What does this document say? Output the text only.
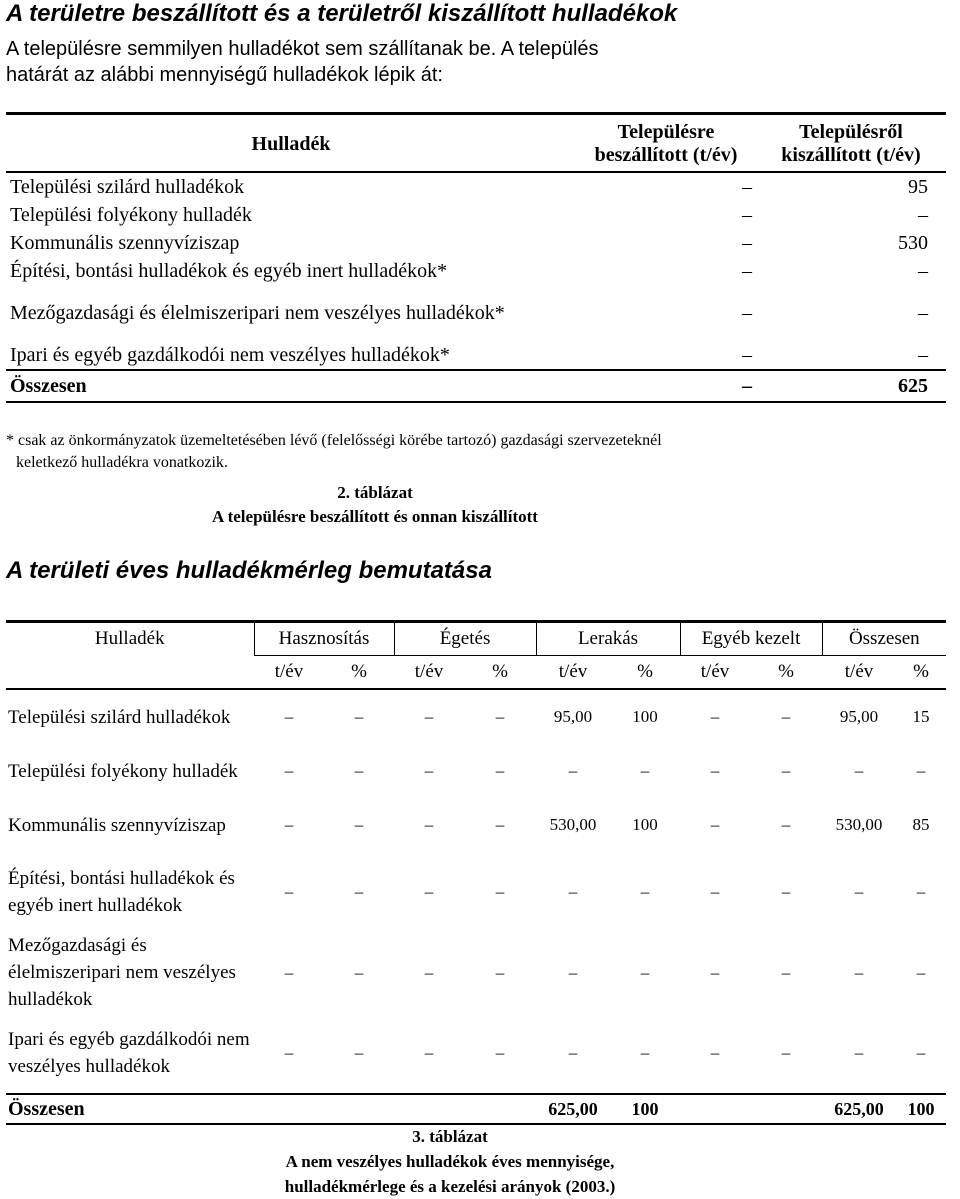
A területre beszállított és a területről kiszállított hulladékok

A településre semmilyen hulladékot sem szállítanak be. A település határát az alábbi mennyiségű hulladékok lépik át:

Hulladék	Településre beszállított (t/év)	Településről kiszállított (t/év)
Települési szilárd hulladékok	–	95
Települési folyékony hulladék	–	–
Kommunális szennyvíziszap	–	530
Építési, bontási hulladékok és egyéb inert hulladékok*	–	–
Mezőgazdasági és élelmiszeripari nem veszélyes hulladékok*	–	–
Ipari és egyéb gazdálkodói nem veszélyes hulladékok*	–	–
Összesen	–	625
* csak az önkormányzatok üzemeltetésében lévő (felelősségi körébe tartozó) gazdasági szervezeteknél
keletkező hulladékra vonatkozik.
2. táblázat
A településre beszállított és onnan kiszállított
A területi éves hulladékmérleg bemutatása
Hulladék	Hasznosítás		Égetés		Lerakás		Egyéb kezelt		Összesen	
	t/év	%	t/év	%	t/év	%	t/év	%	t/év	%
Települési szilárd hulladékok	–	–	–	–	95,00	100	–	–	95,00	15
Települési folyékony hulladék	–	–	–	–	–	–	–	–	–	–
Kommunális szennyvíziszap	–	–	–	–	530,00	100	–	–	530,00	85
Építési, bontási hulladékok és egyéb inert hulladékok	–	–	–	–	–	–	–	–	–	–
Mezőgazdasági és élelmiszeripari nem veszélyes hulladékok	–	–	–	–	–	–	–	–	–	–
Ipari és egyéb gazdálkodói nem veszélyes hulladékok	–	–	–	–	–	–	–	–	–	–
Összesen					625,00	100			625,00	100
3. táblázat
A nem veszélyes hulladékok éves mennyisége,
hulladékmérlege és a kezelési arányok (2003.)
